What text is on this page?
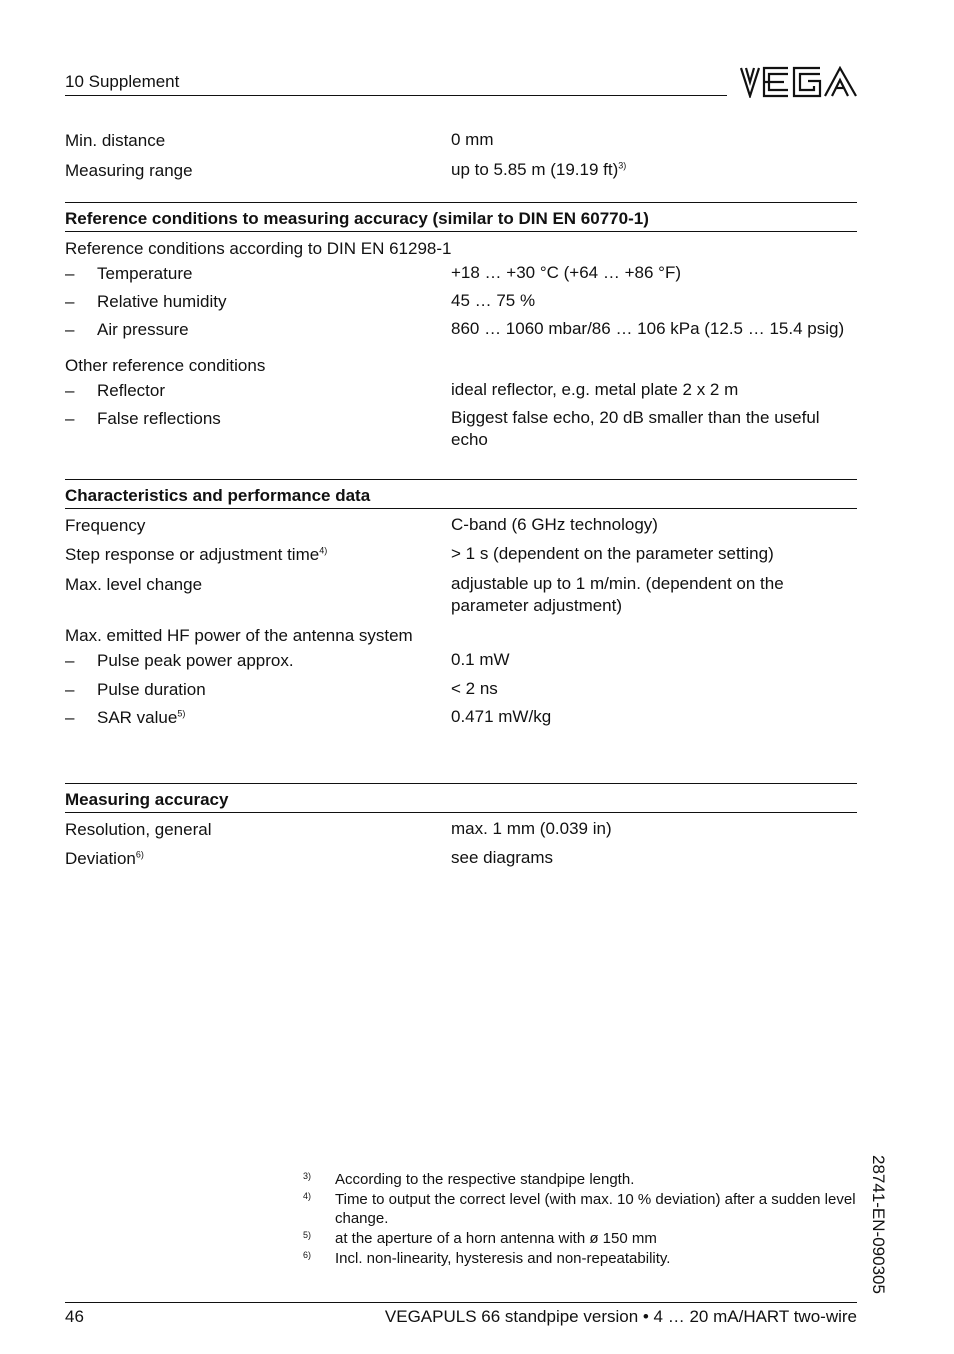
10 Supplement
Min. distance	0 mm
Measuring range	up to 5.85 m (19.19 ft)$^{3)}$
Reference conditions to measuring accuracy (similar to DIN EN 60770-1)
Reference conditions according to DIN EN 61298-1
–	Temperature	+18 … +30 °C (+64 … +86 °F)
–	Relative humidity	45 … 75 %
–	Air pressure	860 … 1060 mbar/86 … 106 kPa (12.5 … 15.4 psig)
Other reference conditions
–	Reflector	ideal reflector, e.g. metal plate 2 x 2 m
–	False reflections	Biggest false echo, 20 dB smaller than the useful echo
Characteristics and performance data
Frequency	C-band (6 GHz technology)
Step response or adjustment time$^{4)}$	> 1 s (dependent on the parameter setting)
Max. level change	adjustable up to 1 m/min. (dependent on the parameter adjustment)
Max. emitted HF power of the antenna system
–	Pulse peak power approx.	0.1 mW
–	Pulse duration	< 2 ns
–	SAR value$^{5)}$	0.471 mW/kg
Measuring accuracy
Resolution, general	max. 1 mm (0.039 in)
Deviation$^{6)}$	see diagrams
3) According to the respective standpipe length.
4) Time to output the correct level (with max. 10 % deviation) after a sudden level change.
5) at the aperture of a horn antenna with ø 150 mm
6) Incl. non-linearity, hysteresis and non-repeatability.	28741-EN-090305
46	VEGAPULS 66 standpipe version • 4 … 20 mA/HART two-wire
